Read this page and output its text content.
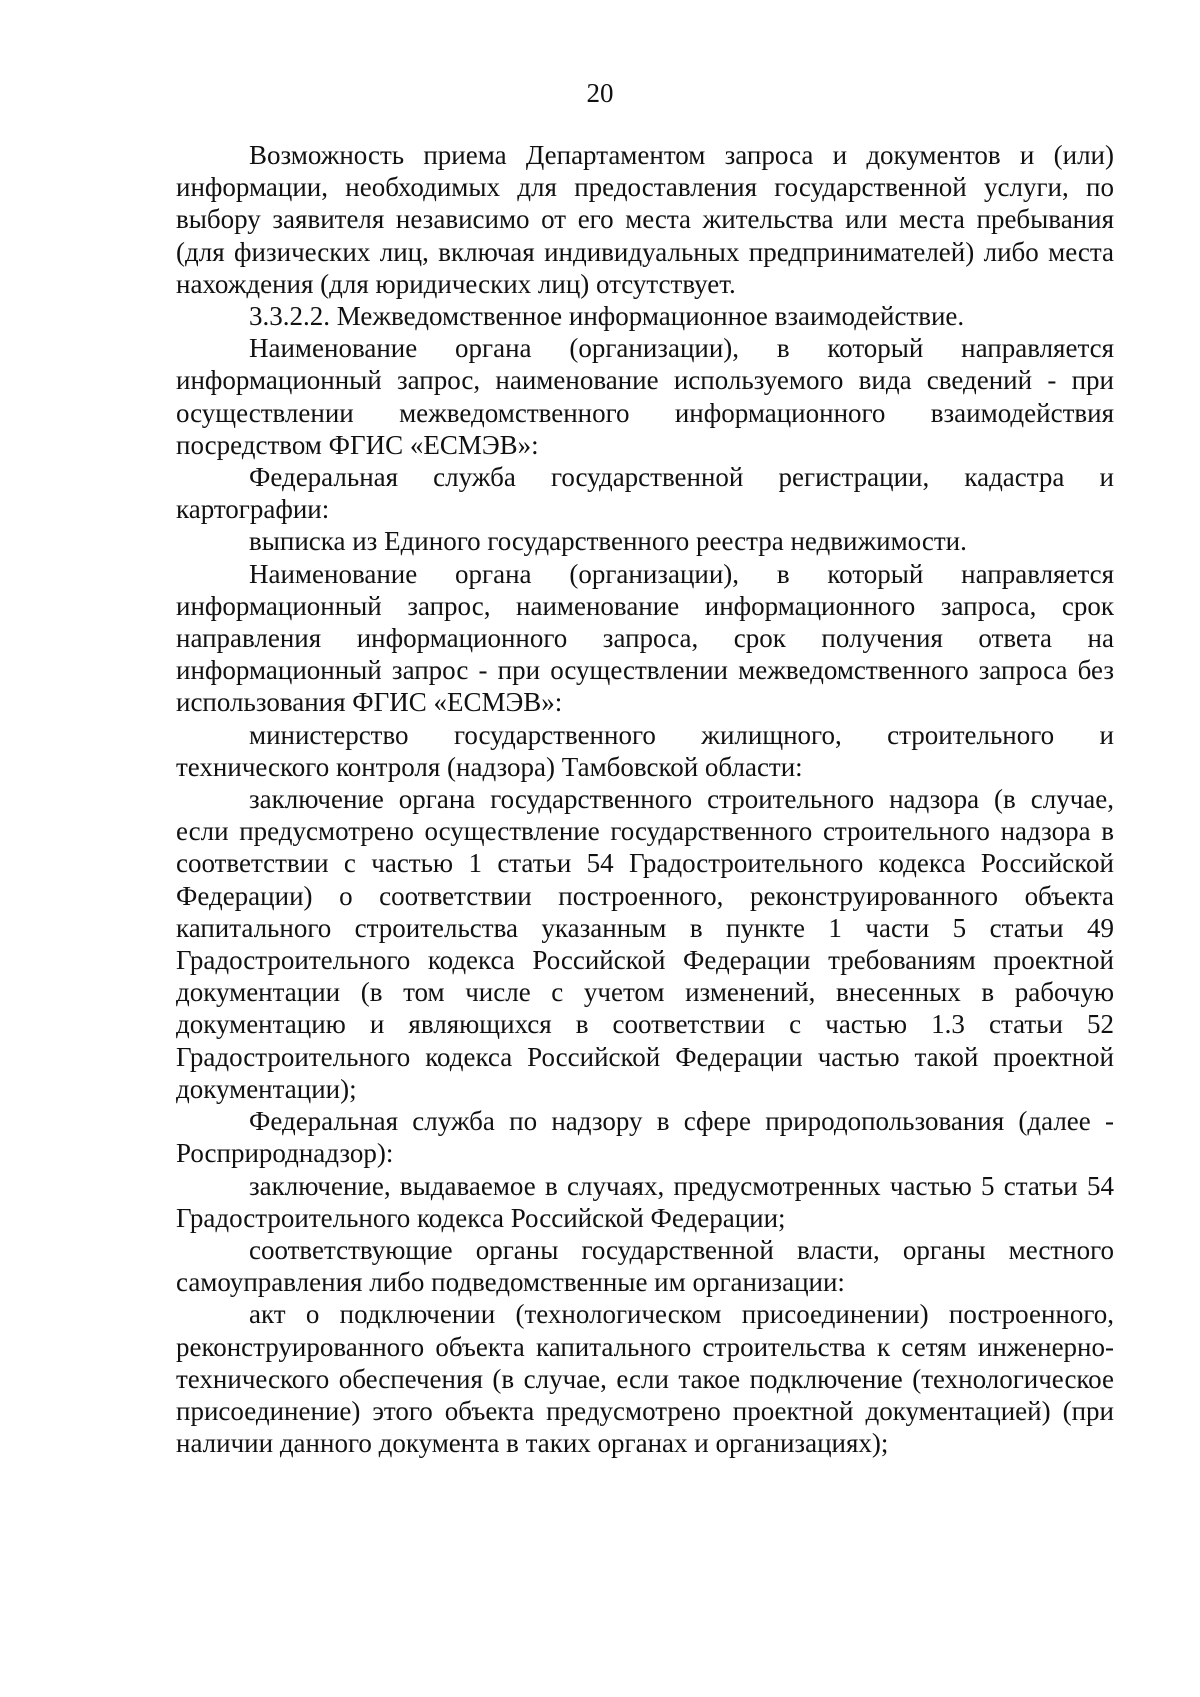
20

Возможность приема Департаментом запроса и документов и (или) информации, необходимых для предоставления государственной услуги, по выбору заявителя независимо от его места жительства или места пребывания (для физических лиц, включая индивидуальных предпринимателей) либо места нахождения (для юридических лиц) отсутствует.

3.3.2.2. Межведомственное информационное взаимодействие.

Наименование органа (организации), в который направляется информационный запрос, наименование используемого вида сведений - при осуществлении межведомственного информационного взаимодействия посредством ФГИС «ЕСМЭВ»:

Федеральная служба государственной регистрации, кадастра и картографии:

выписка из Единого государственного реестра недвижимости.

Наименование органа (организации), в который направляется информационный запрос, наименование информационного запроса, срок направления информационного запроса, срок получения ответа на информационный запрос - при осуществлении межведомственного запроса без использования ФГИС «ЕСМЭВ»:

министерство государственного жилищного, строительного и технического контроля (надзора) Тамбовской области:

заключение органа государственного строительного надзора (в случае, если предусмотрено осуществление государственного строительного надзора в соответствии с частью 1 статьи 54 Градостроительного кодекса Российской Федерации) о соответствии построенного, реконструированного объекта капитального строительства указанным в пункте 1 части 5 статьи 49 Градостроительного кодекса Российской Федерации требованиям проектной документации (в том числе с учетом изменений, внесенных в рабочую документацию и являющихся в соответствии с частью 1.3 статьи 52 Градостроительного кодекса Российской Федерации частью такой проектной документации);

Федеральная служба по надзору в сфере природопользования (далее - Росприроднадзор):

заключение, выдаваемое в случаях, предусмотренных частью 5 статьи 54 Градостроительного кодекса Российской Федерации;

соответствующие органы государственной власти, органы местного самоуправления либо подведомственные им организации:

акт о подключении (технологическом присоединении) построенного, реконструированного объекта капитального строительства к сетям инженерно-технического обеспечения (в случае, если такое подключение (технологическое присоединение) этого объекта предусмотрено проектной документацией) (при наличии данного документа в таких органах и организациях);
